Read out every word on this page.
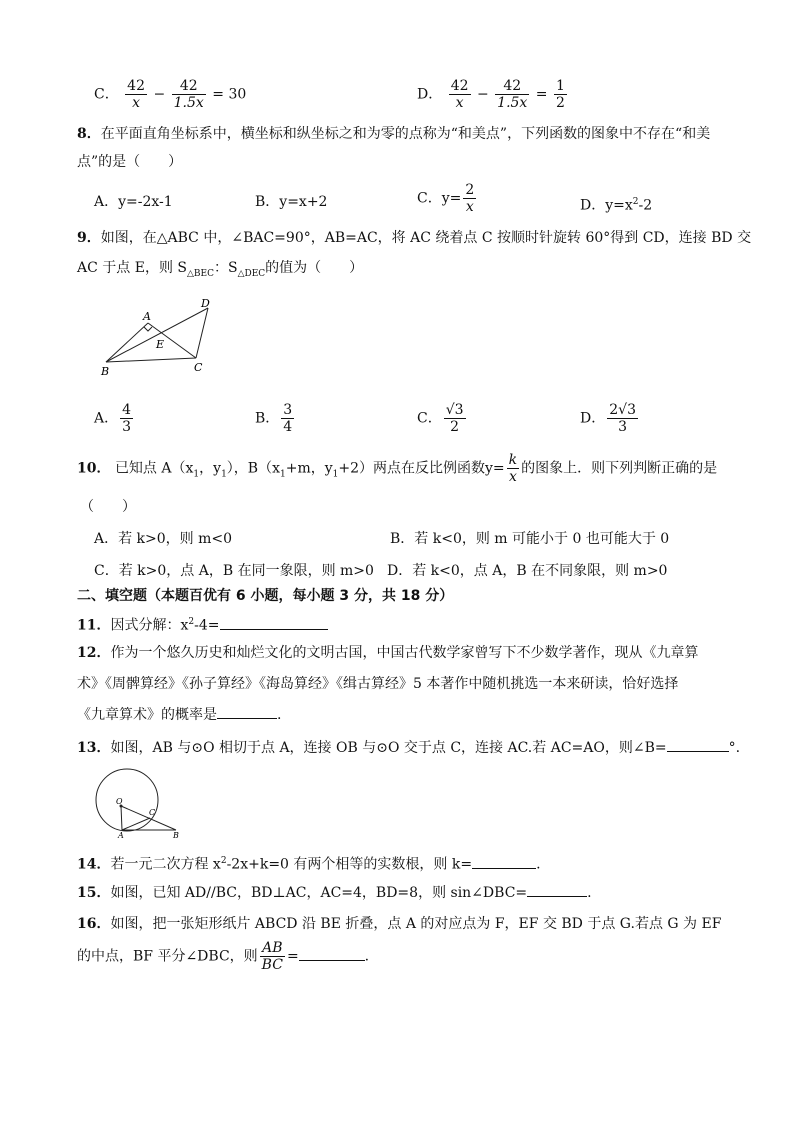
C． $\frac{42}{x} - \frac{42}{1.5x} = 30$	D． $\frac{42}{x} - \frac{42}{1.5x} = \frac{1}{2}$
8．在平面直角坐标系中，横坐标和纵坐标之和为零的点称为“和美点”，下列函数的图象中不存在“和美
点”的是（　　）
A．y=-2x-1	B．y=x+2	C．$y= \frac{2}{x}$	D．$y=x^2-2$
9．如图，在△ABC 中，∠BAC=90°，AB=AC，将 AC 绕着点 C 按顺时针旋转 60°得到 CD，连接 BD 交
AC 于点 E，则 $S_{\triangle BEC}$：$S_{\triangle DEC}$的值为（　　）
A
B	C
D
E
A． $\frac{4}{3}$	B． $\frac{3}{4}$	C． $\frac{√3}{2}$	D． $\frac{2√3}{3}$
10． 已知点 $A(x_1$，$y_1$），$B(x_1+m$，$y_1+2$）两点在反比例函数$y= \frac{k}{x}$ 的图象上．则下列判断正确的是
（　　）
A．若 k>0，则 m<0	B．若 k<0，则 m 可能小于 0 也可能大于 0
C．若 k>0，点 A，B 在同一象限，则 m>0 D．若 k<0，点 A，B 在不同象限，则 m>0
二、填空题（本题百优有 6 小题，每小题 3 分，共 18 分）
11．因式分解：$x^2-4=$
12．作为一个悠久历史和灿烂文化的文明古国，中国古代数学家曾写下不少数学著作，现从《九章算
术》《周髀算经》《孙子算经》《海岛算经》《缉古算经》5 本著作中随机挑选一本来研读，恰好选择
《九章算术》的概率是	.
13．如图，AB 与⊙O 相切于点 A，连接 OB 与⊙O 交于点 C，连接 AC.若 AC=AO，则∠B=	°.
O
A	B
C
14．若一元二次方程 $x^2-2x+k=0$ 有两个相等的实数根，则 k=	.
15．如图，已知 AD//BC，BD⊥AC，AC=4，BD=8，则 sin∠DBC=	.
16．如图，把一张矩形纸片 ABCD 沿 BE 折叠，点 A 的对应点为 F，EF 交 BD 于点 G.若点 G 为 EF
的中点，BF 平分∠DBC，则 $\frac{AB}{BC}$ =	.
